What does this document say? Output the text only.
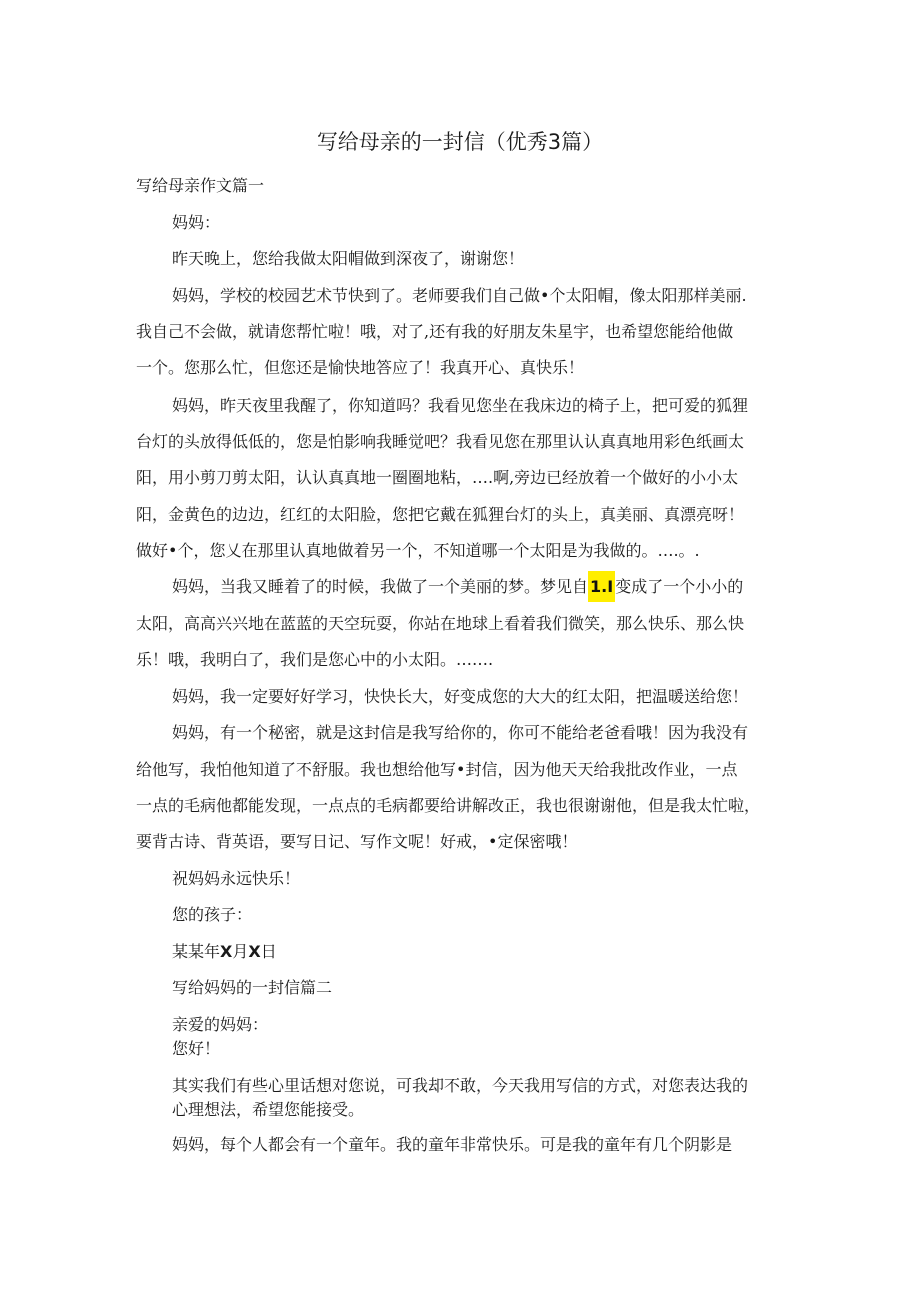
写给母亲的一封信（优秀3篇）
写给母亲作文篇一
妈妈：
昨天晚上，您给我做太阳帽做到深夜了，谢谢您！
妈妈，学校的校园艺术节快到了。老师要我们自己做•个太阳帽，像太阳那样美丽.
我自己不会做，就请您帮忙啦！哦，对了,还有我的好朋友朱星宇，也希望您能给他做
一个。您那么忙，但您还是愉快地答应了！我真开心、真快乐！
妈妈，昨天夜里我醒了，你知道吗？我看见您坐在我床边的椅子上，把可爱的狐狸
台灯的头放得低低的，您是怕影响我睡觉吧？我看见您在那里认认真真地用彩色纸画太
阳，用小剪刀剪太阳，认认真真地一圈圈地粘，….啊,旁边已经放着一个做好的小小太
阳，金黄色的边边，红红的太阳脸，您把它戴在狐狸台灯的头上，真美丽、真漂亮呀！
做好•个，您乂在那里认真地做着另一个，不知道哪一个太阳是为我做的。….。.
妈妈，当我又睡着了的时候，我做了一个美丽的梦。梦见自 1.I 变成了一个小小的
太阳，高高兴兴地在蓝蓝的天空玩耍，你站在地球上看着我们微笑，那么快乐、那么快
乐！哦，我明白了，我们是您心中的小太阳。…….
妈妈，我一定要好好学习，快快长大，好变成您的大大的红太阳，把温暖送给您！
妈妈，有一个秘密，就是这封信是我写给你的，你可不能给老爸看哦！因为我没有
给他写，我怕他知道了不舒服。我也想给他写•封信，因为他天天给我批改作业，一点
一点的毛病他都能发现，一点点的毛病都要给讲解改正，我也很谢谢他，但是我太忙啦，
要背古诗、背英语，要写日记、写作文呢！好戒，•定保密哦！
祝妈妈永远快乐！
您的孩子：
某某年X月X日
写给妈妈的一封信篇二
亲爱的妈妈：
您好！
其实我们有些心里话想对您说，可我却不敢，今天我用写信的方式，对您表达我的
心理想法，希望您能接受。
妈妈，每个人都会有一个童年。我的童年非常快乐。可是我的童年有几个阴影是
